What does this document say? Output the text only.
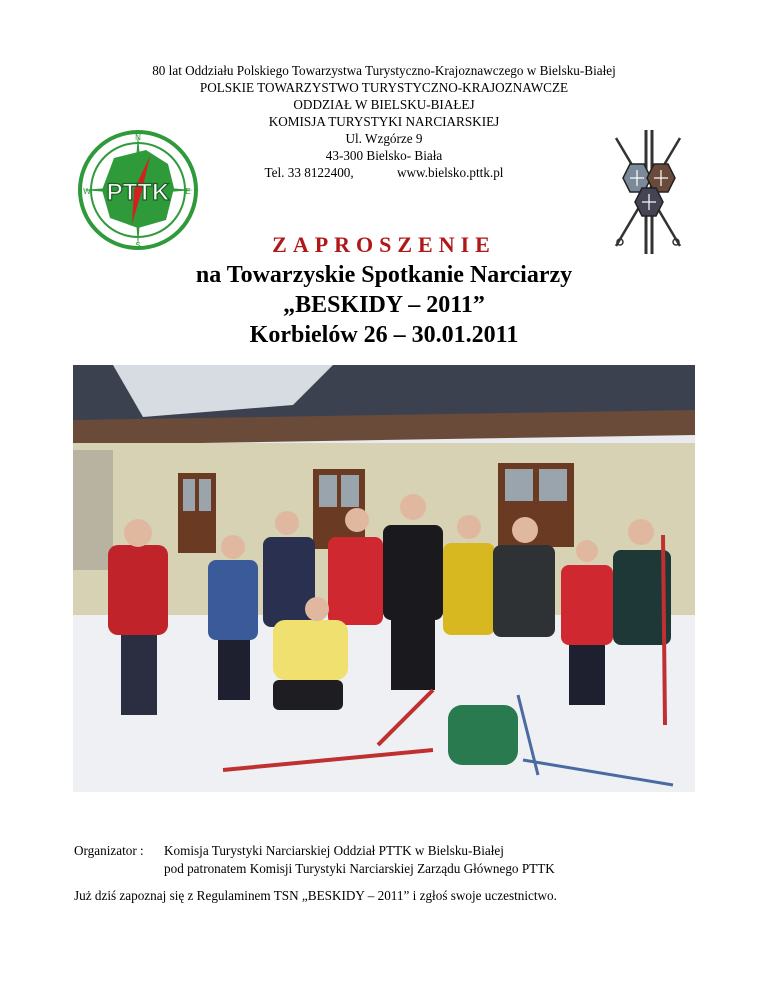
80 lat Oddziału Polskiego Towarzystwa Turystyczno-Krajoznawczego w Bielsku-Białej
POLSKIE TOWARZYSTWO TURYSTYCZNO-KRAJOZNAWCZE
ODDZIAŁ W BIELSKU-BIAŁEJ
KOMISJA TURYSTYKI NARCIARSKIEJ
Ul. Wzgórze 9
43-300 Bielsko- Biała
Tel. 33 8122400,	www.bielsko.pttk.pl
N
S
E
W PTTK
ZAPROSZENIE
na Towarzyskie Spotkanie Narciarzy
„BESKIDY – 2011”
Korbielów 26 – 30.01.2011
Organizator : Komisja Turystyki Narciarskiej Oddział PTTK w Bielsku-Białej
pod patronatem Komisji Turystyki Narciarskiej Zarządu Głównego PTTK
Już dziś zapoznaj się z Regulaminem TSN „BESKIDY – 2011” i zgłoś swoje uczestnictwo.
